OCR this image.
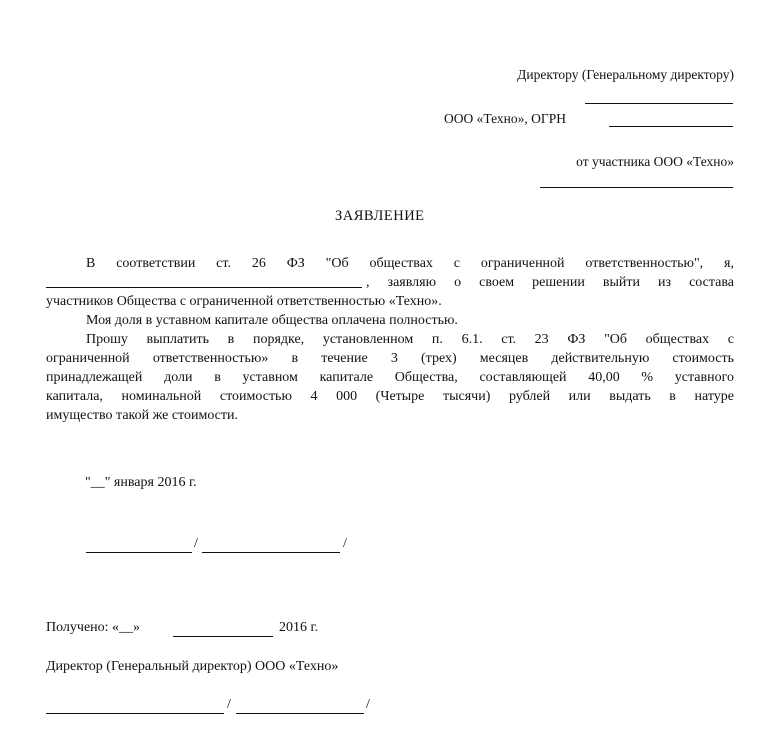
Директору (Генеральному директору)
ООО «Техно», ОГРН
от участника ООО «Техно»
ЗАЯВЛЕНИЕ
В соответствии ст. 26 ФЗ "Об обществах с ограниченной ответственностью", я,
, заявляю о своем решении выйти из состава
участников Общества с ограниченной ответственностью «Техно».
Моя доля в уставном капитале общества оплачена полностью.
Прошу выплатить в порядке, установленном п. 6.1. ст. 23 ФЗ "Об обществах с
ограниченной ответственностью» в течение 3 (трех) месяцев действительную стоимость
принадлежащей доли в уставном капитале Общества, составляющей 40,00 % уставного
капитала, номинальной стоимостью 4 000 (Четыре тысячи) рублей или выдать в натуре
имущество такой же стоимости.
"__" января 2016 г.
/	/
Получено: «__»	2016 г.
Директор (Генеральный директор) ООО «Техно»
/	/
